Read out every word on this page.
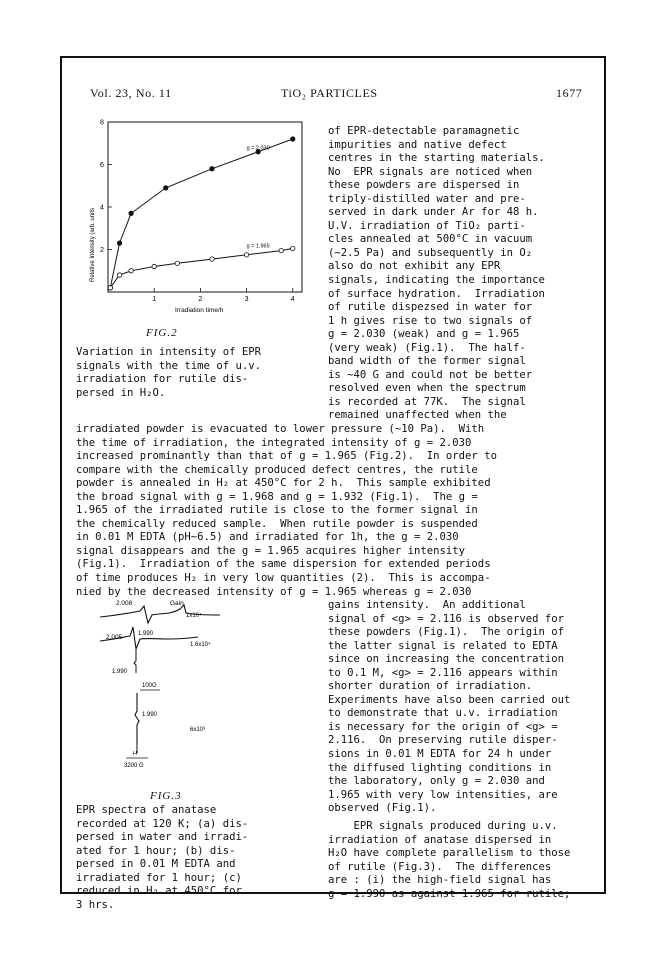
Vol. 23, No. 11	TiO₂ PARTICLES	1677
1	2	3	4
2
4
6
8
Irradiation time/h
Relative Intensity (arb. units
g = 2.030
g = 1.965
FIG.2
Variation in intensity of EPR
signals with the time of u.v.
irradiation for rutile dis-
persed in H₂O.
of EPR-detectable paramagnetic
impurities and native defect
centres in the starting materials.
No  EPR signals are noticed when
these powders are dispersed in
triply-distilled water and pre-
served in dark under Ar for 48 h.
U.V. irradiation of TiO₂ parti-
cles annealed at 500°C in vacuum
(~2.5 Pa) and subsequently in O₂
also do not exhibit any EPR
signals, indicating the importance
of surface hydration.  Irradiation
of rutile dispezsed in water for
1 h gives rise to two signals of
g = 2.030 (weak) and g = 1.965
(very weak) (Fig.1).  The half-
band width of the former signal
is ~40 G and could not be better
resolved even when the spectrum
is recorded at 77K.  The signal
remained unaffected when the
irradiated powder is evacuated to lower pressure (~10 Pa).  With
the time of irradiation, the integrated intensity of g = 2.030
increased prominantly than that of g = 1.965 (Fig.2).  In order to
compare with the chemically produced defect centres, the rutile
powder is annealed in H₂ at 450°C for 2 h.  This sample exhibited
the broad signal with g = 1.968 and g = 1.932 (Fig.1).  The g =
1.965 of the irradiated rutile is close to the former signal in
the chemically reduced sample.  When rutile powder is suspended
in 0.01 M EDTA (pH~6.5) and irradiated for 1h, the g = 2.030
signal disappears and the g = 1.965 acquires higher intensity
(Fig.1).  Irradiation of the same dispersion for extended periods
of time produces H₂ in very low quantities (2).  This is accompa-
nied by the decreased intensity of g = 1.965 whereas g = 2.030
gains intensity.  An additional
signal of <g> = 2.116 is observed for
these powders (Fig.1).  The origin of
the latter signal is related to EDTA
since on increasing the concentration
to 0.1 M, <g> = 2.116 appears within
shorter duration of irradiation.
Experiments have also been carried out
to demonstrate that u.v. irradiation
is necessary for the origin of <g> =
2.116.  On preserving rutile disper-
sions in 0.01 M EDTA for 24 h under
the diffused lighting conditions in
the laboratory, only g = 2.030 and
1.965 with very low intensities, are
observed (Fig.1).
EPR signals produced during u.v.
irradiation of anatase dispersed in
H₂O have complete parallelism to those
of rutile (Fig.3).  The differences
are : (i) the high-field signal has
g = 1.990 as against 1.965 for rutile;
2.008	Gain
1x10⁴
1.990
2.005
1.6x10⁴
1.990
100G
1.990
6x10³
H
3200 G
FIG.3
EPR spectra of anatase
recorded at 120 K; (a) dis-
persed in water and irradi-
ated for 1 hour; (b) dis-
persed in 0.01 M EDTA and
irradiated for 1 hour; (c)
reduced in H₂ at 450°C for
3 hrs.
